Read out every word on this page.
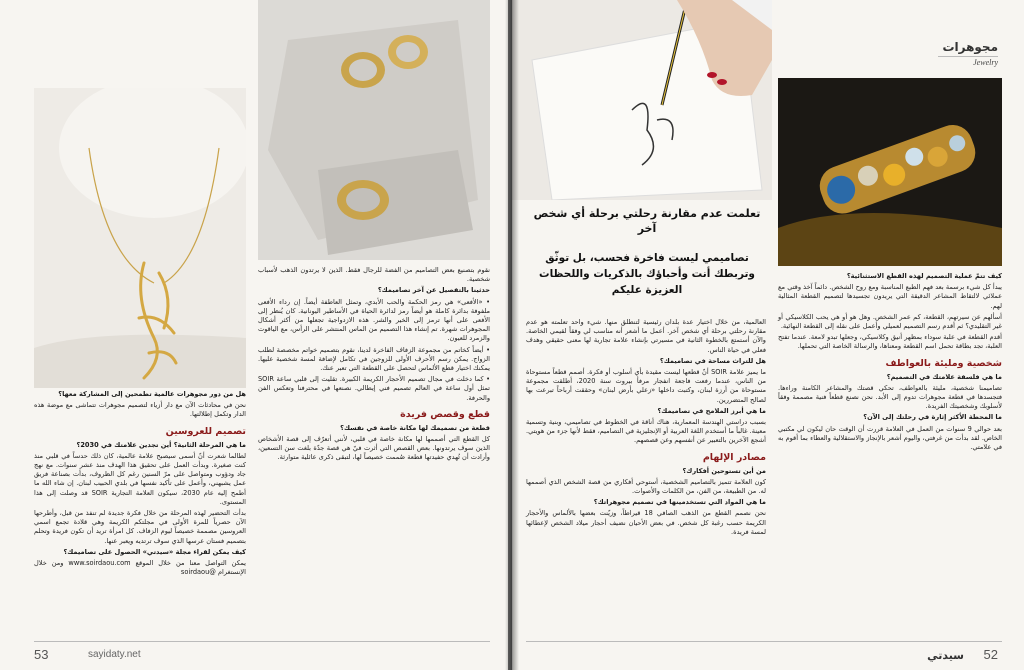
هل من دور مجوهرات عالمية تطمحين إلى المشاركة معها؟

نحن في محادثات الآن مع دار أزياء لتصميم مجوهرات تتماشى مع موضة هذه الدار وتكمل إطلالتها.

تصميم للعروسين

ما هي المرحلة الثانية؟ أين تجدين علامتك في 2030؟

لطالما شعرت أنّ أسمى سيصبح علامة عالمية، كان ذلك حدساً في قلبي منذ كنت صغيرة. وبدأت العمل على تحقيق هذا الهدف منذ عشر سنوات. مع نهج جاد ودؤوب ومتواصل على مرّ السنين رغم كل الظروف، بدأت بصناعة فريق عمل يشبهني، وأعمل على تأكيد نفسها في بلدي الحبيب لبنان. إن شاء الله ما أطمح إليه عام 2030، سيكون العلامة التجارية SOIR قد وصلت إلى هذا المستوى.

بدأت التحضير لهذه المرحلة من خلال فكرة جديدة لم تنفذ من قبل، وأطرحها الآن حصرياً للمرة الأولى في مجلتكم الكريمة وهي قلادة تجمع اسمي العروسين مصممة خصيصاً ليوم الزفاف. كل امرأة تريد أن تكون فريدة وتحلم بتصميم فستان عرسها الذي سوف ترتديه ويعبر عنها.

كيف يمكن لقراء مجلة «سيدتي» الحصول على تصاميمك؟

يمكن التواصل معنا من خلال الموقع www.soirdaou.com ومن خلال الإنستغرام @soirdaou

نقوم بتصنيع بعض التصاميم من الفضة للرجال فقط. الذين لا يرتدون الذهب لأسباب شخصية.

حدثينا بالتفصيل عن آخر تصاميمك؟

• «الأفعى» هي رمز الحكمة والحب الأبدي، وتمثل العاطفة أيضاً. إن رداء الأفعى ملفوفة بدائرة كاملة هو أيضاً رمز لدائرة الحياة في الأساطير اليونانية. كان يُنظر إلى الأفعى على أنها ترمز إلى الخير والشر. هذه الازدواجية تجعلها من أكثر أشكال المجوهرات شهرة. تم إنشاء هذا التصميم من الماس المنتشر على الرأس، مع الياقوت والزمرد للعيون.

• أيضاً كخاتم من مجموعة الزفاف الفاخرة لدينا، نقوم بتصميم خواتم مخصصة لطلب الزواج. يمكن رسم الأحرف الأولى للزوجين في تكامل لإضافة لمسة شخصية عليها. يمكنك اختيار قطع الألماس لتحصل على القطعة التي تعبر عنك.

• كما دخلت في مجال تصميم الأحجار الكريمة الكبيرة. تقليت إلى قلبي ساعة SOIR تمثل أول ساعة في العالم تصميم فني إيطالي. نصنعها في محترفنا وتعكس الفن والحرفة.

قطع وقصص فريدة

قطعة من تصميمك لها مكانة خاصة في نفسك؟

كل القطع التي أصممها لها مكانة خاصة في قلبي، لأنني أتعرّف إلى قصة الأشخاص الذين سوف يرتدونها. بعض القصص التي أثرت فيّ هي قصة جدّة بلغت سن التسعين، وأرادت أن تُهدي حفيدتها قطعة صُممت خصيصاً لها، لتبقى ذكرى عائلية متوارثة.

53	sayidaty.net
مجوهرات
Jewelry
تعلمت عدم مقارنة رحلتي برحلة أي شخص آخر
تصاميمي ليست فاخرة فحسب، بل توثّق وتربطك أنت وأحباؤك بالذكريات واللحظات العزيزة عليكم

العالمية، من خلال اختيار عدة بلدان رئيسية لتنطلق منها. شيء واحد تعلمته هو عدم مقارنة رحلتي برحلة أي شخص آخر. أعمل ما أشعر أنه مناسب لي وفقاً لقيمي الخاصة. والآن أستمتع بالخطوة الثانية في مسيرتي بإنشاء علامة تجارية لها معنى حقيقي وهدف فعلي في حياة الناس.

هل للتراث مساحة في تصاميمك؟

ما يميز علامة SOIR أنّ قطعها ليست مقيدة بأي أسلوب أو فكرة. أصمم قطعاً مستوحاة من الناس، عندما رفعت فاجعة انفجار مرفأ بيروت سنة 2020، أطلقت مجموعة مستوحاة من أرزة لبنان، وكتبت داخلها «زعلي بأرض لبنان» وحققت أرباحاً تبرعت بها لصالح المتضررين.

ما هي أبرز الملامح في تصاميمك؟

بسبب دراستي الهندسة المعمارية، هناك أناقة في الخطوط في تصاميمي، وبنية وتسمية معينة. غالباً ما أستخدم اللغة العربية أو الإنجليزية في التصاميم، فقط لأنها جزء من هويتي. أشجع الآخرين بالتعبير عن أنفسهم وعن قصصهم.

مصادر الإلهام

من أين تستوحين أفكارك؟

كون العلامة تتميز بالتصاميم الشخصية، أستوحي أفكاري من قصة الشخص الذي أصممها له. من الطبيعة، من الفن، من الكلمات والأصوات.

ما هي المواد التي تستخدمينها في تصميم مجوهراتك؟

نحن نصمم القطع من الذهب الصافي 18 قيراطاً، وزيّنت بعضها بالألماس والأحجار الكريمة حسب رغبة كل شخص. في بعض الأحيان نضيف أحجار ميلاد الشخص لإعطائها لمسة فريدة.

كيف تتمّ عملية التصميم لهذه القطع الاستثنائية؟

يبدأ كل شيء برسمة بعد فهم الطبع المناسبة ومع روح الشخص. دائماً آخذ وقتي مع عملائي لالتقاط المشاعر الدقيقة التي يريدون تجسيدها لتصميم القطعة المثالية لهم.

أسألهم عن سيرتهم، القطعة، كم عمر الشخص. وهل هو أو هي يحب الكلاسيكي أو غير التقليدي؟ ثم أقدم رسم التصميم لعميلي وأعمل على نقله إلى القطعة النهائية.

أقدم القطعة في علبة سوداء بمظهر أنيق وكلاسيكي، وجعلها تبدو لامعة. عندما تفتح العلبة، تجد بطاقة تحمل اسم القطعة ومعناها، والرسالة الخاصة التي تحملها.

شخصية ومليئة بالعواطف

ما هي فلسفة علامتك في التصميم؟

تصاميمنا شخصية، مليئة بالعواطف، تحكي قصتك والمشاعر الكامنة وراءها. فتجسدها في قطعة مجوهرات تدوم إلى الأبد. نحن نصنع قطعاً فنية مصممة وفقاً لأسلوبك وشخصيتك الفريدة.

ما المحطة الأكثر إثارة في رحلتك إلى الآن؟

بعد حوالي 9 سنوات من العمل في العلامة قررت أن الوقت حان ليكون لي مكتبي الخاص. لقد بدأت من غرفتي، واليوم أشعر بالإنجاز والاستقلالية والعطاء بما أقوم به في علامتي.

سيدتي 52
